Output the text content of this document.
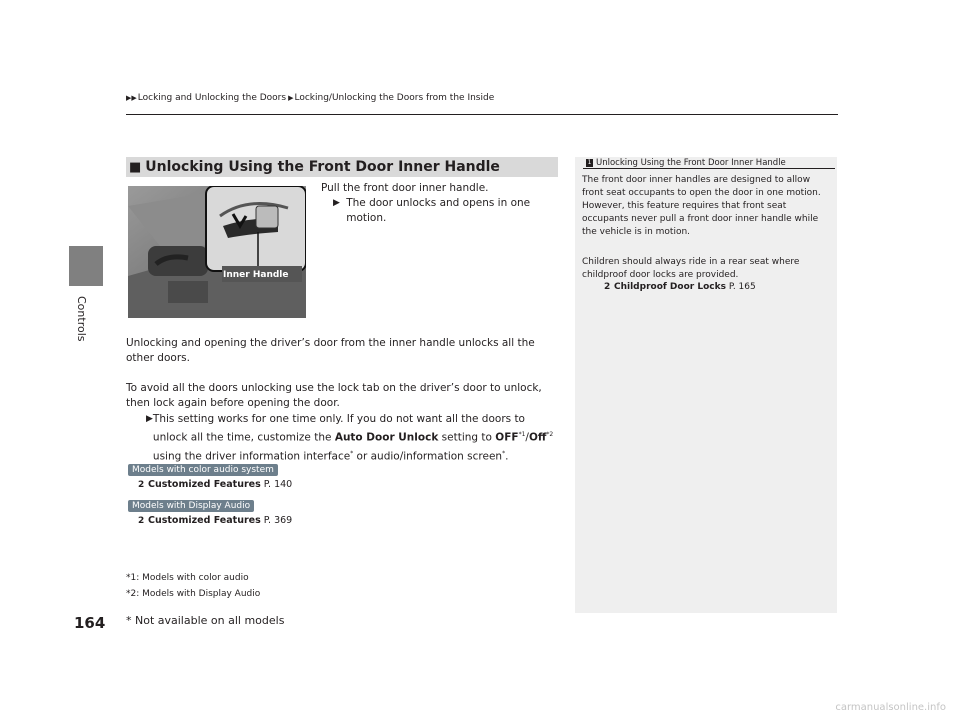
Controls
164
▶▶ Locking and Unlocking the Doors ▶ Locking/Unlocking the Doors from the Inside
■ Unlocking Using the Front Door Inner Handle
Inner Handle
Pull the front door inner handle.
▶ The door unlocks and opens in one motion.
Unlocking and opening the driver’s door from the inner handle unlocks all the other doors.
To avoid all the doors unlocking use the lock tab on the driver’s door to unlock, then lock again before opening the door.
▶ This setting works for one time only. If you do not want all the doors to unlock all the time, customize the Auto Door Unlock setting to OFF$^{*1}$/Off$^{*2}$ using the driver information interface* or audio/information screen*.
Models with color audio system
2 Customized Features P. 140
Models with Display Audio
2 Customized Features P. 369
*1: Models with color audio
*2: Models with Display Audio
* Not available on all models
1 Unlocking Using the Front Door Inner Handle
The front door inner handles are designed to allow front seat occupants to open the door in one motion. However, this feature requires that front seat occupants never pull a front door inner handle while the vehicle is in motion.
Children should always ride in a rear seat where childproof door locks are provided.
2 Childproof Door Locks P. 165
carmanualsonline.info
